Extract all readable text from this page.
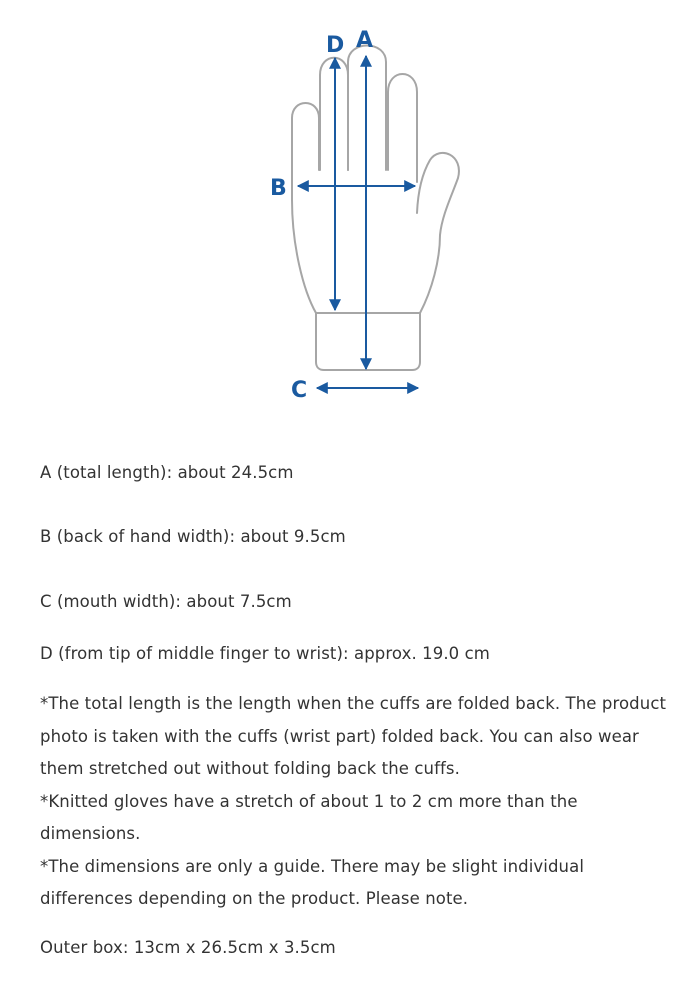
D A
B
C

A (total length): about 24.5cm

B (back of hand width): about 9.5cm

C (mouth width): about 7.5cm

D (from tip of middle finger to wrist): approx. 19.0 cm

*The total length is the length when the cuffs are folded back. The product photo is taken with the cuffs (wrist part) folded back. You can also wear them stretched out without folding back the cuffs.

*Knitted gloves have a stretch of about 1 to 2 cm more than the dimensions.

*The dimensions are only a guide. There may be slight individual differences depending on the product. Please note.

Outer box: 13cm x 26.5cm x 3.5cm
